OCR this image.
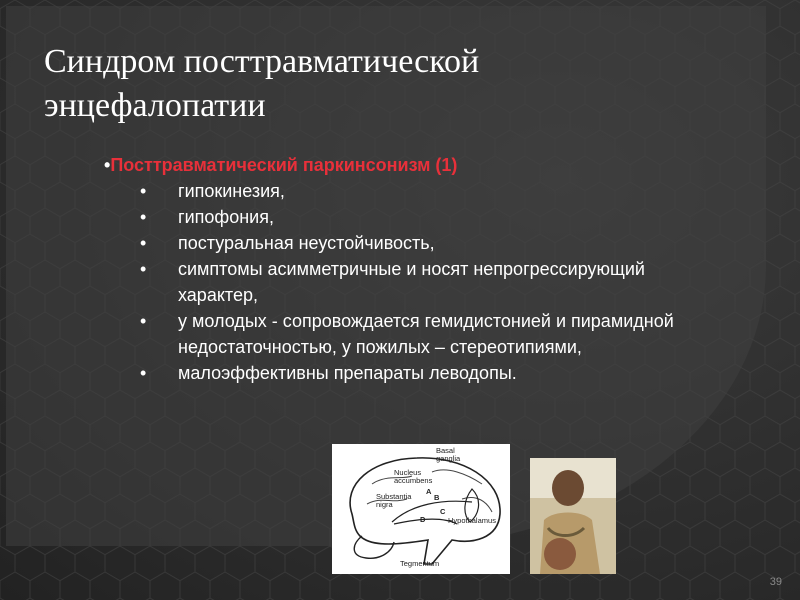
Синдром посттравматической энцефалопатии
•Посттравматический паркинсонизм (1)
• гипокинезия,
• гипофония,
• постуральная неустойчивость,
• симптомы асимметричные и носят непрогрессирующий характер,
• у молодых - сопровождается гемидистонией и пирамидной недостаточностью, у пожилых – стереотипиями,
• малоэффективны препараты леводопы.
Basal
ganglia
Nucleus
accumbens
Substantia
nigra
Hypothalamus
Tegmentum
A
B
C
D
39
